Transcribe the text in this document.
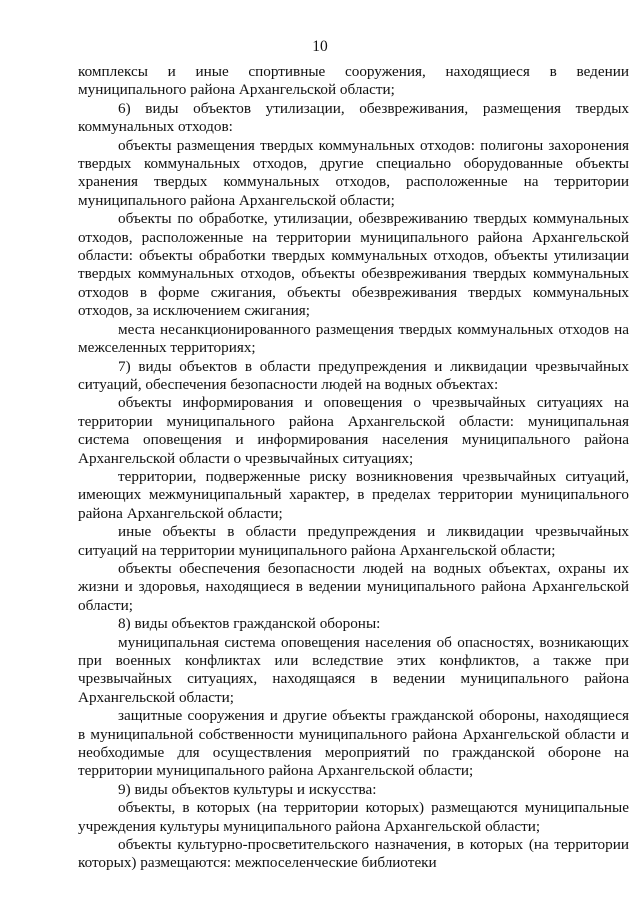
10

комплексы и иные спортивные сооружения, находящиеся в ведении муниципального района Архангельской области;

6) виды объектов утилизации, обезвреживания, размещения твердых коммунальных отходов:

объекты размещения твердых коммунальных отходов: полигоны захоронения твердых коммунальных отходов, другие специально оборудованные объекты хранения твердых коммунальных отходов, расположенные на территории муниципального района Архангельской области;

объекты по обработке, утилизации, обезвреживанию твердых коммунальных отходов, расположенные на территории муниципального района Архангельской области: объекты обработки твердых коммунальных отходов, объекты утилизации твердых коммунальных отходов, объекты обезвреживания твердых коммунальных отходов в форме сжигания, объекты обезвреживания твердых коммунальных отходов, за исключением сжигания;

места несанкционированного размещения твердых коммунальных отходов на межселенных территориях;

7) виды объектов в области предупреждения и ликвидации чрезвычайных ситуаций, обеспечения безопасности людей на водных объектах:

объекты информирования и оповещения о чрезвычайных ситуациях на территории муниципального района Архангельской области: муниципальная система оповещения и информирования населения муниципального района Архангельской области о чрезвычайных ситуациях;

территории, подверженные риску возникновения чрезвычайных ситуаций, имеющих межмуниципальный характер, в пределах территории муниципального района Архангельской области;

иные объекты в области предупреждения и ликвидации чрезвычайных ситуаций на территории муниципального района Архангельской области;

объекты обеспечения безопасности людей на водных объектах, охраны их жизни и здоровья, находящиеся в ведении муниципального района Архангельской области;

8) виды объектов гражданской обороны:

муниципальная система оповещения населения об опасностях, возникающих при военных конфликтах или вследствие этих конфликтов, а также при чрезвычайных ситуациях, находящаяся в ведении муниципального района Архангельской области;

защитные сооружения и другие объекты гражданской обороны, находящиеся в муниципальной собственности муниципального района Архангельской области и необходимые для осуществления мероприятий по гражданской обороне на территории муниципального района Архангельской области;

9) виды объектов культуры и искусства:

объекты, в которых (на территории которых) размещаются муниципальные учреждения культуры муниципального района Архангельской области;

объекты культурно-просветительского назначения, в которых (на территории которых) размещаются: межпоселенческие библиотеки
